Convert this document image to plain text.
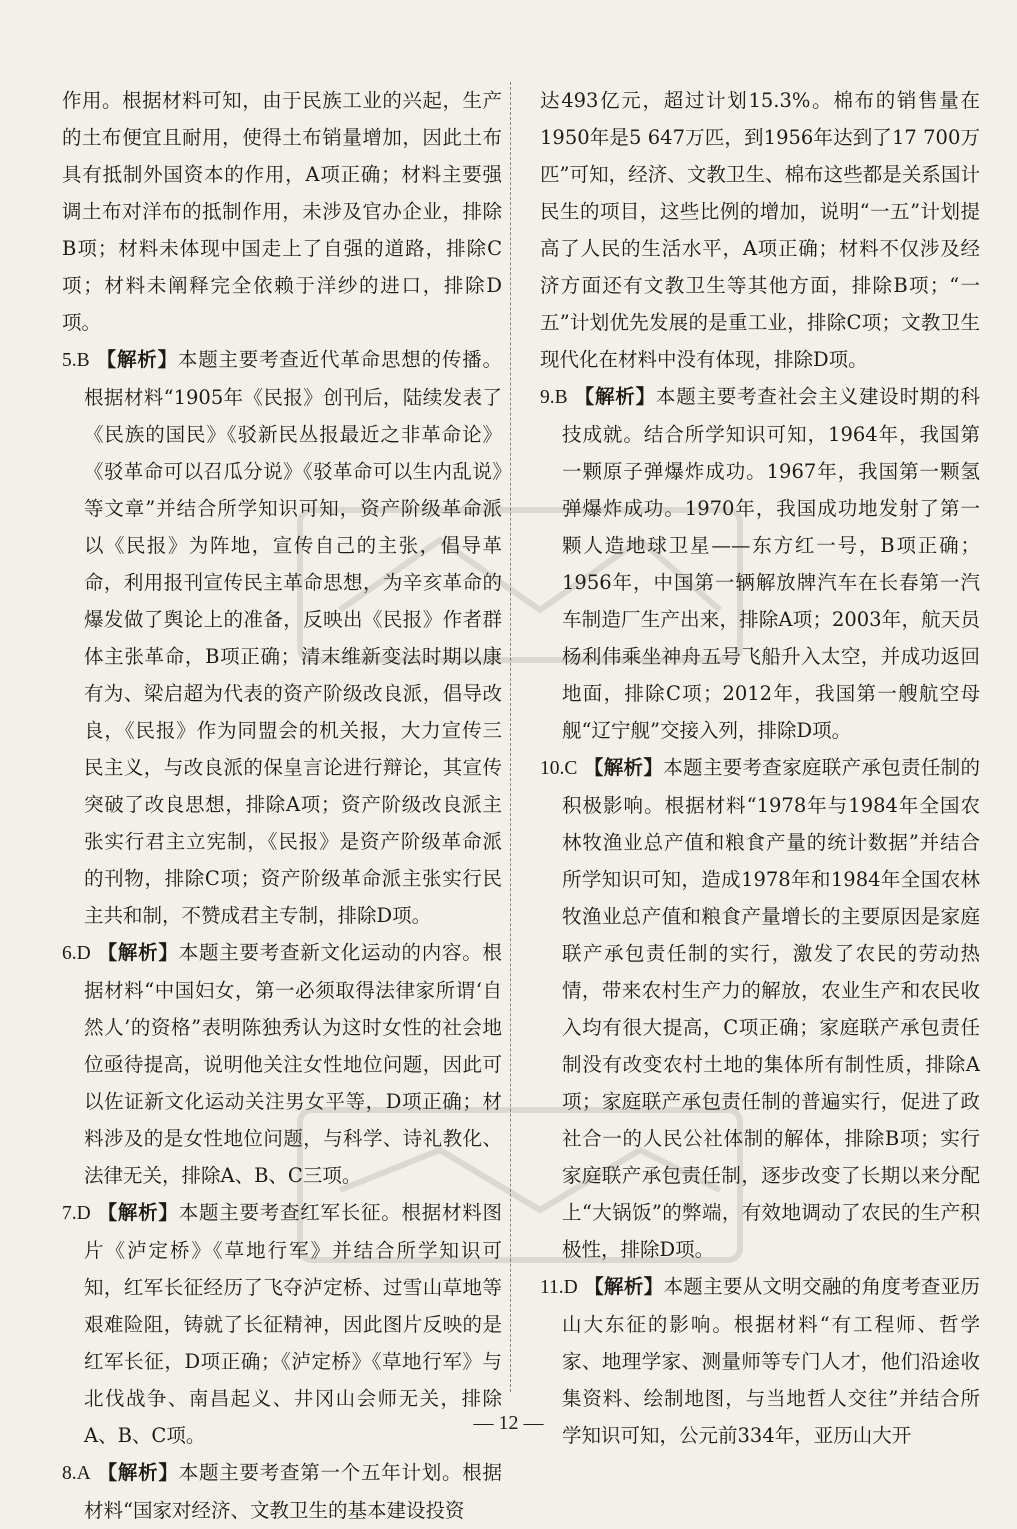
作用。根据材料可知，由于民族工业的兴起，生产的土布便宜且耐用，使得土布销量增加，因此土布具有抵制外国资本的作用，A项正确；材料主要强调土布对洋布的抵制作用，未涉及官办企业，排除B项；材料未体现中国走上了自强的道路，排除C项；材料未阐释完全依赖于洋纱的进口，排除D项。

5.B 【解析】本题主要考查近代革命思想的传播。根据材料“1905年《民报》创刊后，陆续发表了《民族的国民》《驳新民丛报最近之非革命论》《驳革命可以召瓜分说》《驳革命可以生内乱说》等文章”并结合所学知识可知，资产阶级革命派以《民报》为阵地，宣传自己的主张，倡导革命，利用报刊宣传民主革命思想，为辛亥革命的爆发做了舆论上的准备，反映出《民报》作者群体主张革命，B项正确；清末维新变法时期以康有为、梁启超为代表的资产阶级改良派，倡导改良，《民报》作为同盟会的机关报，大力宣传三民主义，与改良派的保皇言论进行辩论，其宣传突破了改良思想，排除A项；资产阶级改良派主张实行君主立宪制，《民报》是资产阶级革命派的刊物，排除C项；资产阶级革命派主张实行民主共和制，不赞成君主专制，排除D项。

6.D 【解析】本题主要考查新文化运动的内容。根据材料“中国妇女，第一必须取得法律家所谓‘自然人’的资格”表明陈独秀认为这时女性的社会地位亟待提高，说明他关注女性地位问题，因此可以佐证新文化运动关注男女平等，D项正确；材料涉及的是女性地位问题，与科学、诗礼教化、法律无关，排除A、B、C三项。

7.D 【解析】本题主要考查红军长征。根据材料图片《泸定桥》《草地行军》并结合所学知识可知，红军长征经历了飞夺泸定桥、过雪山草地等艰难险阻，铸就了长征精神，因此图片反映的是红军长征，D项正确；《泸定桥》《草地行军》与北伐战争、南昌起义、井冈山会师无关，排除A、B、C项。

8.A 【解析】本题主要考查第一个五年计划。根据材料“国家对经济、文教卫生的基本建设投资

达493亿元，超过计划15.3%。棉布的销售量在1950年是5 647万匹，到1956年达到了17 700万匹”可知，经济、文教卫生、棉布这些都是关系国计民生的项目，这些比例的增加，说明“一五”计划提高了人民的生活水平，A项正确；材料不仅涉及经济方面还有文教卫生等其他方面，排除B项；“一五”计划优先发展的是重工业，排除C项；文教卫生现代化在材料中没有体现，排除D项。

9.B 【解析】本题主要考查社会主义建设时期的科技成就。结合所学知识可知，1964年，我国第一颗原子弹爆炸成功。1967年，我国第一颗氢弹爆炸成功。1970年，我国成功地发射了第一颗人造地球卫星——东方红一号，B项正确；1956年，中国第一辆解放牌汽车在长春第一汽车制造厂生产出来，排除A项；2003年，航天员杨利伟乘坐神舟五号飞船升入太空，并成功返回地面，排除C项；2012年，我国第一艘航空母舰“辽宁舰”交接入列，排除D项。

10.C 【解析】本题主要考查家庭联产承包责任制的积极影响。根据材料“1978年与1984年全国农林牧渔业总产值和粮食产量的统计数据”并结合所学知识可知，造成1978年和1984年全国农林牧渔业总产值和粮食产量增长的主要原因是家庭联产承包责任制的实行，激发了农民的劳动热情，带来农村生产力的解放，农业生产和农民收入均有很大提高，C项正确；家庭联产承包责任制没有改变农村土地的集体所有制性质，排除A项；家庭联产承包责任制的普遍实行，促进了政社合一的人民公社体制的解体，排除B项；实行家庭联产承包责任制，逐步改变了长期以来分配上“大锅饭”的弊端，有效地调动了农民的生产积极性，排除D项。

11.D 【解析】本题主要从文明交融的角度考查亚历山大东征的影响。根据材料“有工程师、哲学家、地理学家、测量师等专门人才，他们沿途收集资料、绘制地图，与当地哲人交往”并结合所学知识可知，公元前334年，亚历山大开

— 12 —
